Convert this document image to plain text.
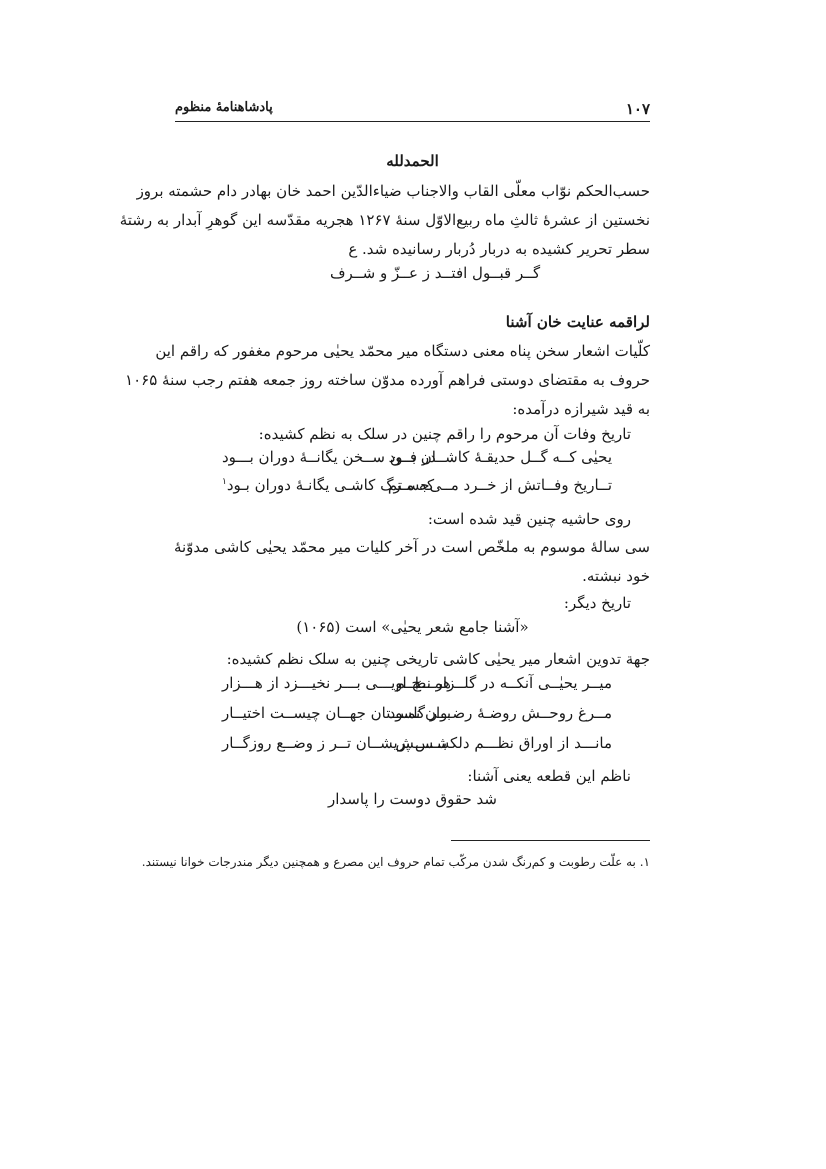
۱۰۷
پادشاهنامهٔ منظوم
الحمدلله
حسب‌الحکم نوّاب معلّی القاب والاجناب ضیاءالدّین احمد خان بهادر دام حشمته بروز
نخستین از عشرهٔ ثالثِ ماه ربیع‌الاوّل سنهٔ ۱۲۶۷ هجریه مقدّسه این گوهرِ آبدار به رشتهٔ
سطر تحریر کشیده به دربار دُربار رسانیده شد. ع
گــر قبــول افتــد ز عــزّ و شــرف
لراقمه عنایت خان آشنا
کلّیات اشعار سخن پناه معنی دستگاه میر محمّد یحیٰی مرحوم مغفور که راقم این
حروف به مقتضای دوستی فراهم آورده مدوّن ساخته روز جمعه هفتم رجب سنهٔ ۱۰۶۵
به قید شیرازه درآمده:
تاریخ وفات آن مرحوم را راقم چنین در سلک به نظم کشیده:
یحیٰی کــه گــل حدیقـهٔ کاشــان بــود
در فــن ســخن یگانــهٔ دوران بـــود
تــاریخ وفــاتش از خــرد مــی‌جسـتم
که مـرگ کاشـی یگانـهٔ دوران بـود$^۱$
روی حاشیه چنین قید شده است:
سی سالهٔ موسوم به ملخّص است در آخر کلیات میر محمّد یحیٰی کاشی مدوّنهٔ
خود نبشته.
تاریخ دیگر:
«آشنا جامع شعر یحیٰی» است (۱۰۶۵)
جهة تدوین اشعار میر یحیٰی کاشی تاریخی چنین به سلک نظم کشیده:
میــر یحیٰــی آنکــه در گلــزار نظــم
همـــچ اویـــی بـــر نخیـــزد از هـــزار
مــرغ روحــش روضـهٔ رضـوان نمـود
بــر گلســتان جهــان چیســت اختیــار
مانـــد از اوراق نظـــم دلکشـــــش
بــس پریشــان تــر ز وضــع روزگــار
ناظم این قطعه یعنی آشنا:
شد حقوق دوست را پاسدار
۱. به علّت رطوبت و کم‌رنگ شدن مرکّب تمام حروف این مصرع و همچنین دیگر مندرجات خوانا نیستند.
